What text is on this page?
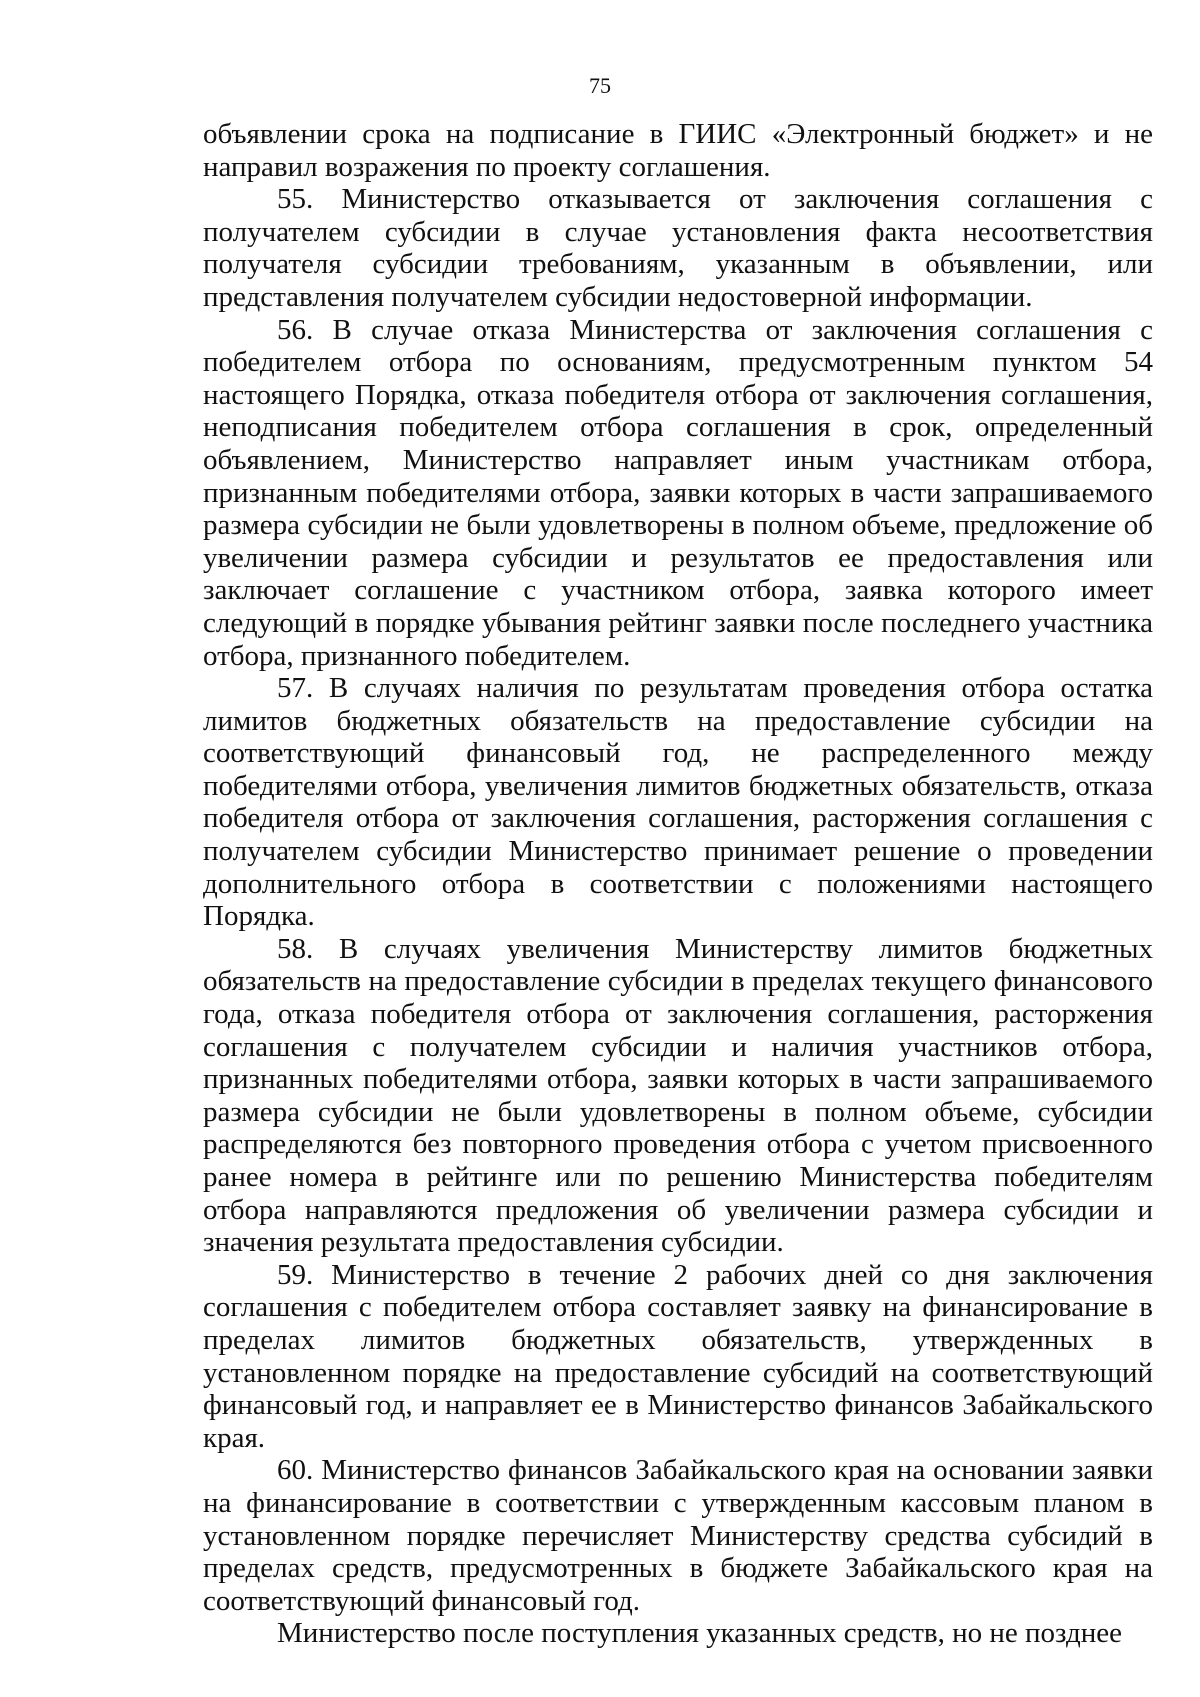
75

объявлении срока на подписание в ГИИС «Электронный бюджет» и не направил возражения по проекту соглашения.

55. Министерство отказывается от заключения соглашения с получателем субсидии в случае установления факта несоответствия получателя субсидии требованиям, указанным в объявлении, или представления получателем субсидии недостоверной информации.

56. В случае отказа Министерства от заключения соглашения с победителем отбора по основаниям, предусмотренным пунктом 54 настоящего Порядка, отказа победителя отбора от заключения соглашения, неподписания победителем отбора соглашения в срок, определенный объявлением, Министерство направляет иным участникам отбора, признанным победителями отбора, заявки которых в части запрашиваемого размера субсидии не были удовлетворены в полном объеме, предложение об увеличении размера субсидии и результатов ее предоставления или заключает соглашение с участником отбора, заявка которого имеет следующий в порядке убывания рейтинг заявки после последнего участника отбора, признанного победителем.

57. В случаях наличия по результатам проведения отбора остатка лимитов бюджетных обязательств на предоставление субсидии на соответствующий финансовый год, не распределенного между победителями отбора, увеличения лимитов бюджетных обязательств, отказа победителя отбора от заключения соглашения, расторжения соглашения с получателем субсидии Министерство принимает решение о проведении дополнительного отбора в соответствии с положениями настоящего Порядка.

58. В случаях увеличения Министерству лимитов бюджетных обязательств на предоставление субсидии в пределах текущего финансового года, отказа победителя отбора от заключения соглашения, расторжения соглашения с получателем субсидии и наличия участников отбора, признанных победителями отбора, заявки которых в части запрашиваемого размера субсидии не были удовлетворены в полном объеме, субсидии распределяются без повторного проведения отбора с учетом присвоенного ранее номера в рейтинге или по решению Министерства победителям отбора направляются предложения об увеличении размера субсидии и значения результата предоставления субсидии.

59. Министерство в течение 2 рабочих дней со дня заключения соглашения с победителем отбора составляет заявку на финансирование в пределах лимитов бюджетных обязательств, утвержденных в установленном порядке на предоставление субсидий на соответствующий финансовый год, и направляет ее в Министерство финансов Забайкальского края.

60. Министерство финансов Забайкальского края на основании заявки на финансирование в соответствии с утвержденным кассовым планом в установленном порядке перечисляет Министерству средства субсидий в пределах средств, предусмотренных в бюджете Забайкальского края на соответствующий финансовый год.

Министерство после поступления указанных средств, но не позднее
